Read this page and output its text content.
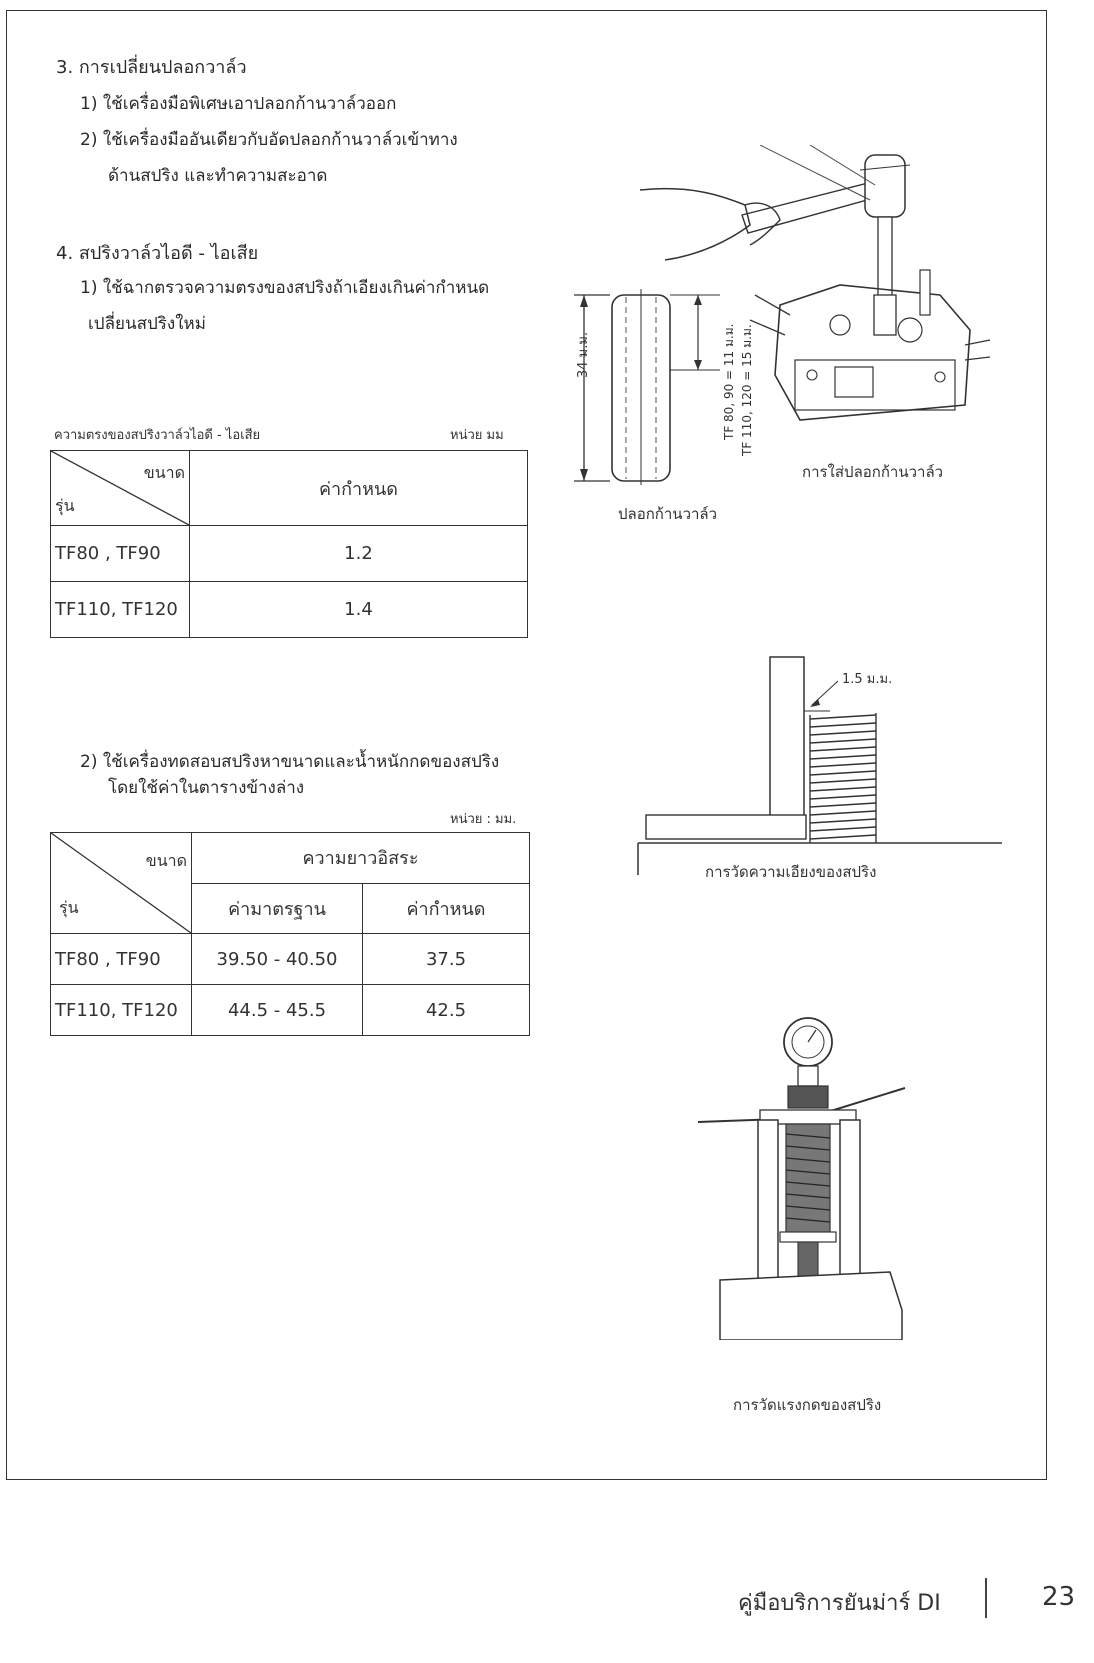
3. การเปลี่ยนปลอกวาล์ว
1) ใช้เครื่องมือพิเศษเอาปลอกก้านวาล์วออก
2) ใช้เครื่องมืออันเดียวกับอัดปลอกก้านวาล์วเข้าทาง
ด้านสปริง และทำความสะอาด
4. สปริงวาล์วไอดี - ไอเสีย
1) ใช้ฉากตรวจความตรงของสปริงถ้าเอียงเกินค่ากำหนด
เปลี่ยนสปริงใหม่
ความตรงของสปริงวาล์วไอดี - ไอเสีย	หน่วย มม
ขนาด
รุ่น	ค่ากำหนด
TF80 , TF90	1.2
TF110, TF120	1.4
2) ใช้เครื่องทดสอบสปริงหาขนาดและน้ำหนักกดของสปริง
โดยใช้ค่าในตารางข้างล่าง
หน่วย : มม.
ขนาด
รุ่น	ความยาวอิสระ	
	ค่ามาตรฐาน	ค่ากำหนด
TF80 , TF90	39.50 - 40.50	37.5
TF110, TF120	44.5 - 45.5	42.5
34 ม.ม.	TF 80, 90 = 11 ม.ม. TF 110, 120 = 15 ม.ม.
ปลอกก้านวาล์ว
การใส่ปลอกก้านวาล์ว
1.5 ม.ม.
การวัดความเอียงของสปริง
การวัดแรงกดของสปริง
คู่มือบริการยันม่าร์ DI	23
